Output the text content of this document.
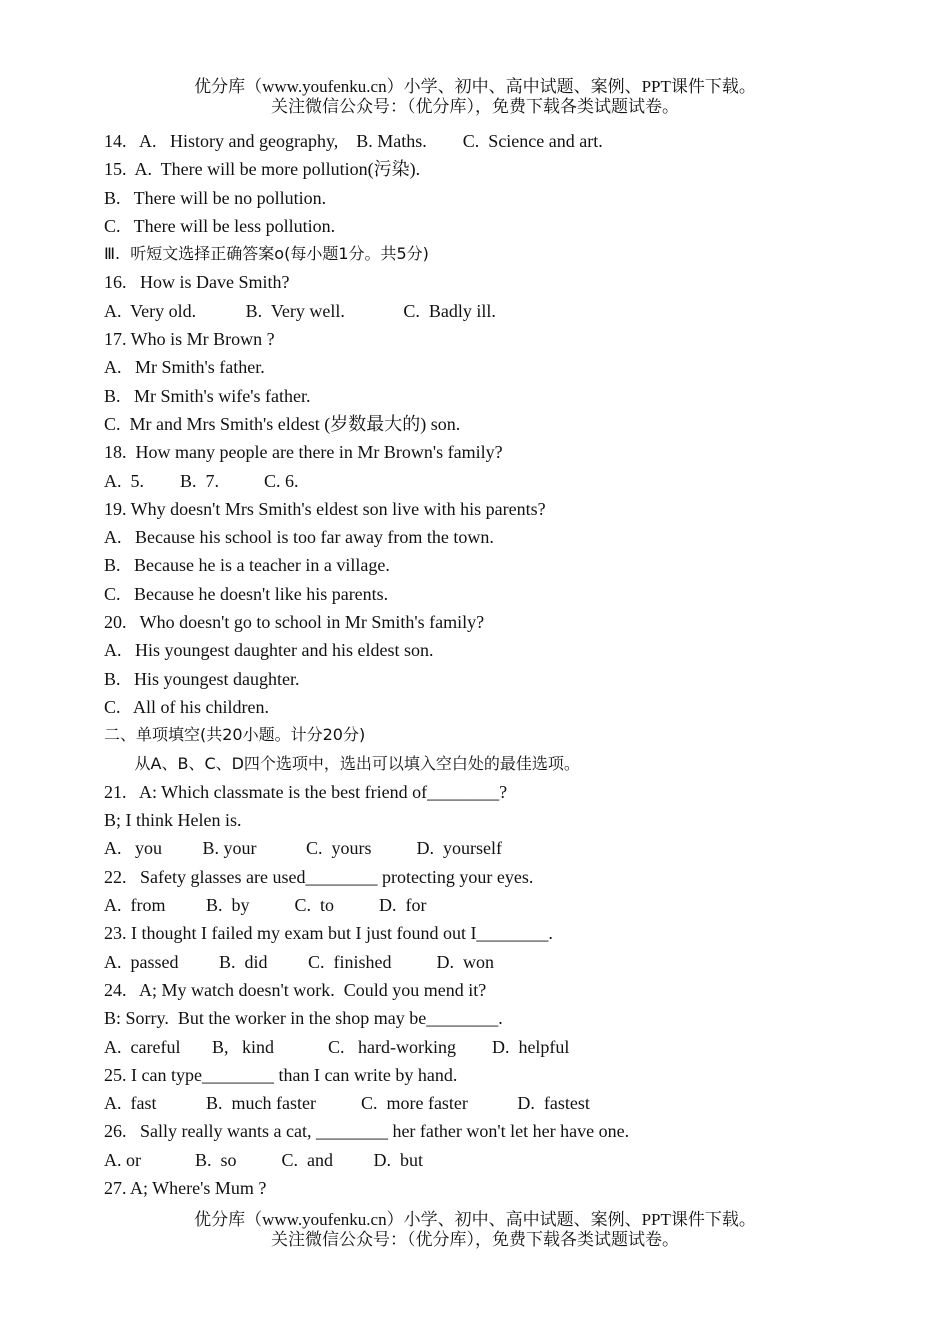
优分库（www.youfenku.cn）小学、初中、高中试题、案例、PPT课件下载。
关注微信公众号：（优分库），免费下载各类试题试卷。
14.   A.   History and geography,    B. Maths.        C.  Science and art.
15.  A.  There will be more pollution(污染).
B.   There will be no pollution.
C.   There will be less pollution.
Ⅲ.  听短文选择正确答案o(每小题1分。共5分)
16.   How is Dave Smith?
A.  Very old.           B.  Very well.             C.  Badly ill.
17. Who is Mr Brown ?
A.   Mr Smith's father.
B.   Mr Smith's wife's father.
C.  Mr and Mrs Smith's eldest (岁数最大的) son.
18.  How many people are there in Mr Brown's family?
A.  5.        B.  7.          C. 6.
19. Why doesn't Mrs Smith's eldest son live with his parents?
A.   Because his school is too far away from the town.
B.   Because he is a teacher in a village.
C.   Because he doesn't like his parents.
20.   Who doesn't go to school in Mr Smith's family?
A.   His youngest daughter and his eldest son.
B.   His youngest daughter.
C.   All of his children.
二、单项填空(共20小题。计分20分)
从A、B、C、D四个选项中，选出可以填入空白处的最佳选项。
21.   A: Which classmate is the best friend of________?
B; I think Helen is.
A.   you         B. your           C.  yours          D.  yourself
22.   Safety glasses are used________ protecting your eyes.
A.  from         B.  by          C.  to          D.  for
23. I thought I failed my exam but I just found out I________.
A.  passed         B.  did         C.  finished          D.  won
24.   A; My watch doesn't work.  Could you mend it?
B: Sorry.  But the worker in the shop may be________.
A.  careful       B,   kind            C.   hard-working        D.  helpful
25. I can type________ than I can write by hand.
A.  fast           B.  much faster          C.  more faster           D.  fastest
26.   Sally really wants a cat, ________ her father won't let her have one.
A. or            B.  so          C.  and         D.  but
27. A; Where's Mum ?
优分库（www.youfenku.cn）小学、初中、高中试题、案例、PPT课件下载。
关注微信公众号：（优分库），免费下载各类试题试卷。
